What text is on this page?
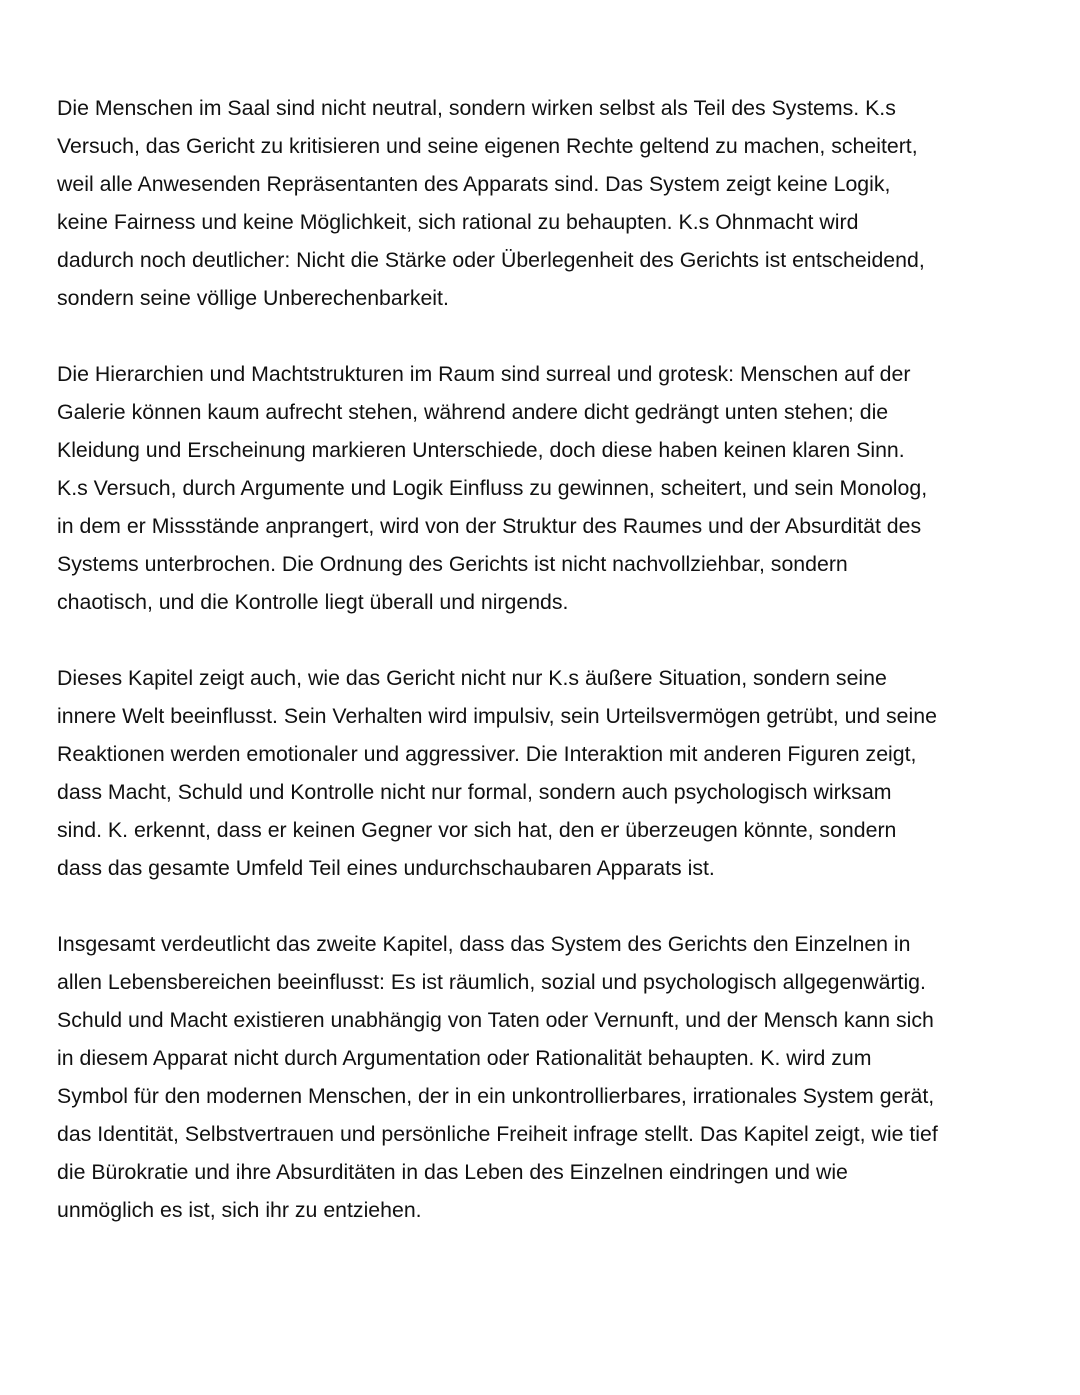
Die Menschen im Saal sind nicht neutral, sondern wirken selbst als Teil des Systems. K.s
Versuch, das Gericht zu kritisieren und seine eigenen Rechte geltend zu machen, scheitert,
weil alle Anwesenden Repräsentanten des Apparats sind. Das System zeigt keine Logik,
keine Fairness und keine Möglichkeit, sich rational zu behaupten. K.s Ohnmacht wird
dadurch noch deutlicher: Nicht die Stärke oder Überlegenheit des Gerichts ist entscheidend,
sondern seine völlige Unberechenbarkeit.

Die Hierarchien und Machtstrukturen im Raum sind surreal und grotesk: Menschen auf der
Galerie können kaum aufrecht stehen, während andere dicht gedrängt unten stehen; die
Kleidung und Erscheinung markieren Unterschiede, doch diese haben keinen klaren Sinn.
K.s Versuch, durch Argumente und Logik Einfluss zu gewinnen, scheitert, und sein Monolog,
in dem er Missstände anprangert, wird von der Struktur des Raumes und der Absurdität des
Systems unterbrochen. Die Ordnung des Gerichts ist nicht nachvollziehbar, sondern
chaotisch, und die Kontrolle liegt überall und nirgends.

Dieses Kapitel zeigt auch, wie das Gericht nicht nur K.s äußere Situation, sondern seine
innere Welt beeinflusst. Sein Verhalten wird impulsiv, sein Urteilsvermögen getrübt, und seine
Reaktionen werden emotionaler und aggressiver. Die Interaktion mit anderen Figuren zeigt,
dass Macht, Schuld und Kontrolle nicht nur formal, sondern auch psychologisch wirksam
sind. K. erkennt, dass er keinen Gegner vor sich hat, den er überzeugen könnte, sondern
dass das gesamte Umfeld Teil eines undurchschaubaren Apparats ist.

Insgesamt verdeutlicht das zweite Kapitel, dass das System des Gerichts den Einzelnen in
allen Lebensbereichen beeinflusst: Es ist räumlich, sozial und psychologisch allgegenwärtig.
Schuld und Macht existieren unabhängig von Taten oder Vernunft, und der Mensch kann sich
in diesem Apparat nicht durch Argumentation oder Rationalität behaupten. K. wird zum
Symbol für den modernen Menschen, der in ein unkontrollierbares, irrationales System gerät,
das Identität, Selbstvertrauen und persönliche Freiheit infrage stellt. Das Kapitel zeigt, wie tief
die Bürokratie und ihre Absurditäten in das Leben des Einzelnen eindringen und wie
unmöglich es ist, sich ihr zu entziehen.
